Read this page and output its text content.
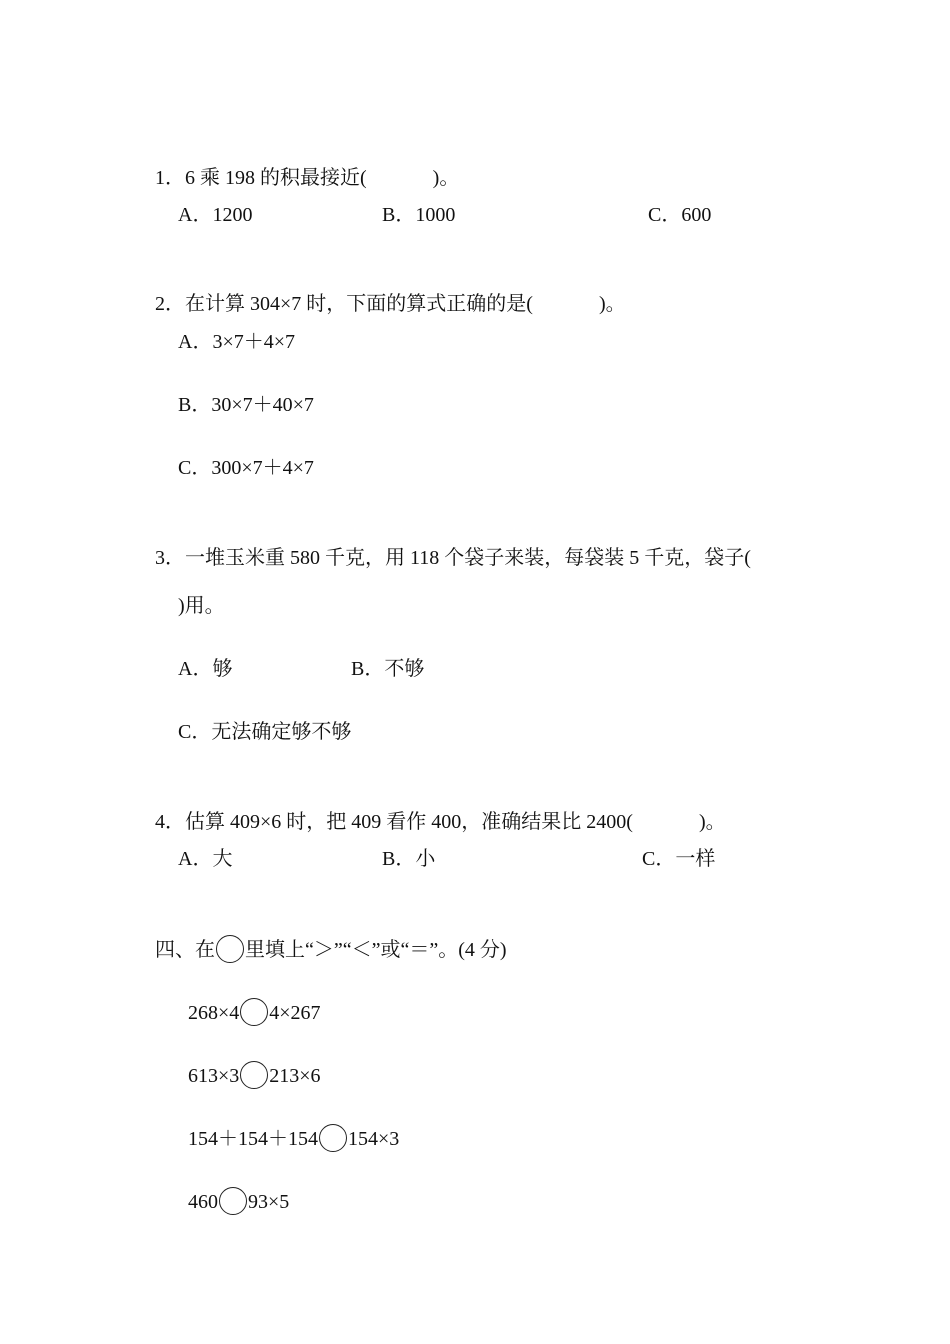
1．6 乘 198 的积最接近(	)。

A．1200	B．1000	C．600

2．在计算 304×7 时，下面的算式正确的是(	)。

A．3×7＋4×7
B．30×7＋40×7
C．300×7＋4×7

3．一堆玉米重 580 千克，用 118 个袋子来装，每袋装 5 千克，袋子(

)用。
A．够	B．不够
C．无法确定够不够

4．估算 409×6 时，把 409 看作 400，准确结果比 2400(	)。

A．大	B．小	C．一样

四、在 里填上“＞”“＜”或“＝”。(4 分)

268×4 4×267

613×3 213×6

154＋154＋154 154×3

460 93×5
